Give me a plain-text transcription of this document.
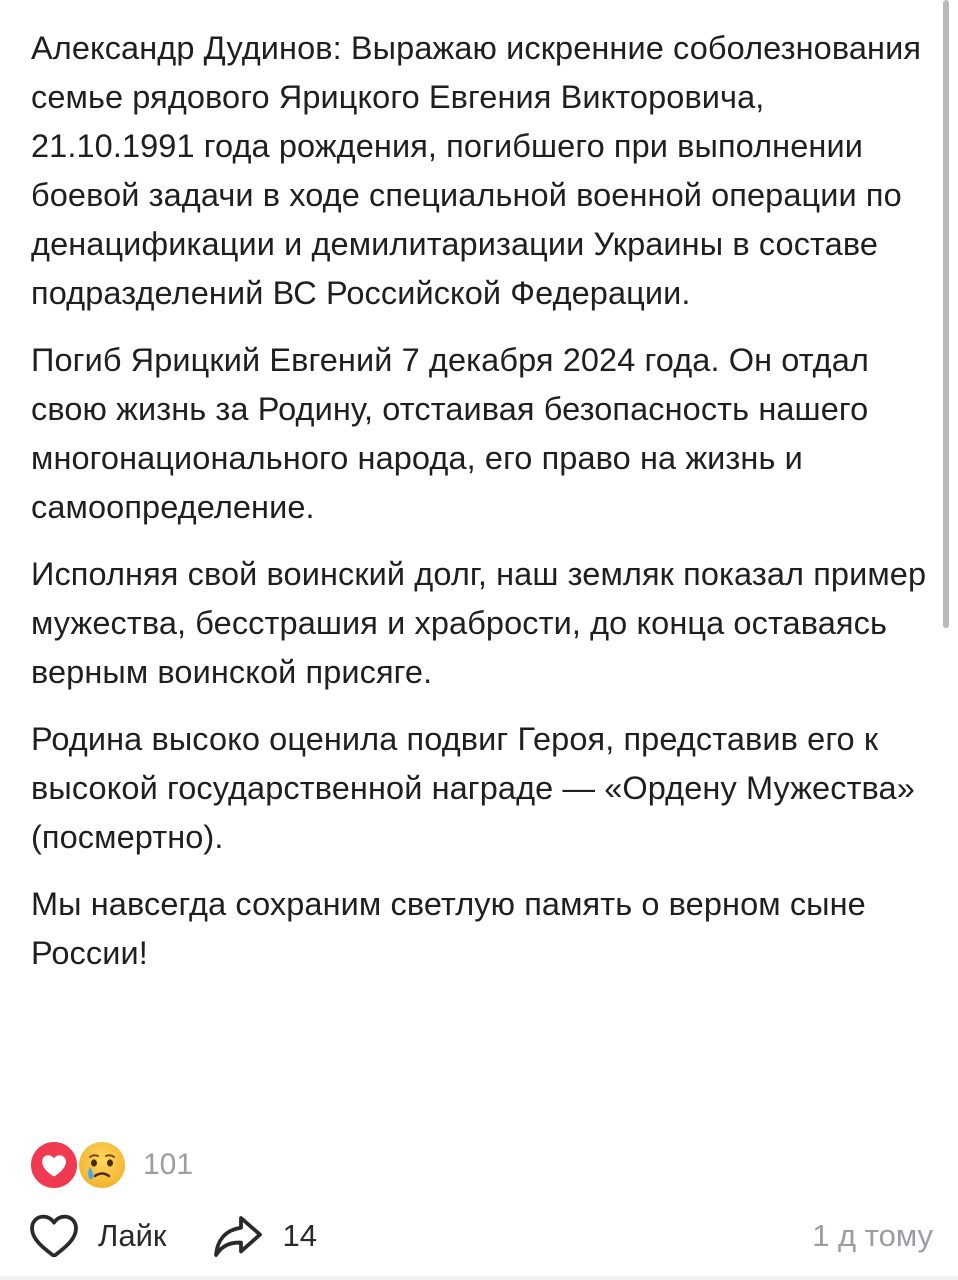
Александр Дудинов: Выражаю искренние соболезнования семье рядового Ярицкого Евгения Викторовича, 21.10.1991 года рождения, погибшего при выполнении боевой задачи в ходе специальной военной операции по денацификации и демилитаризации Украины в составе подразделений ВС Российской Федерации.

Погиб Ярицкий Евгений 7 декабря 2024 года. Он отдал свою жизнь за Родину, отстаивая безопасность нашего многонационального народа, его право на жизнь и самоопределение.

Исполняя свой воинский долг, наш земляк показал пример мужества, бесстрашия и храбрости, до конца оставаясь верным воинской присяге.

Родина высоко оценила подвиг Героя, представив его к высокой государственной награде — «Ордену Мужества» (посмертно).

Мы навсегда сохраним светлую память о верном сыне России!

101
Лайк	14	1 д тому
